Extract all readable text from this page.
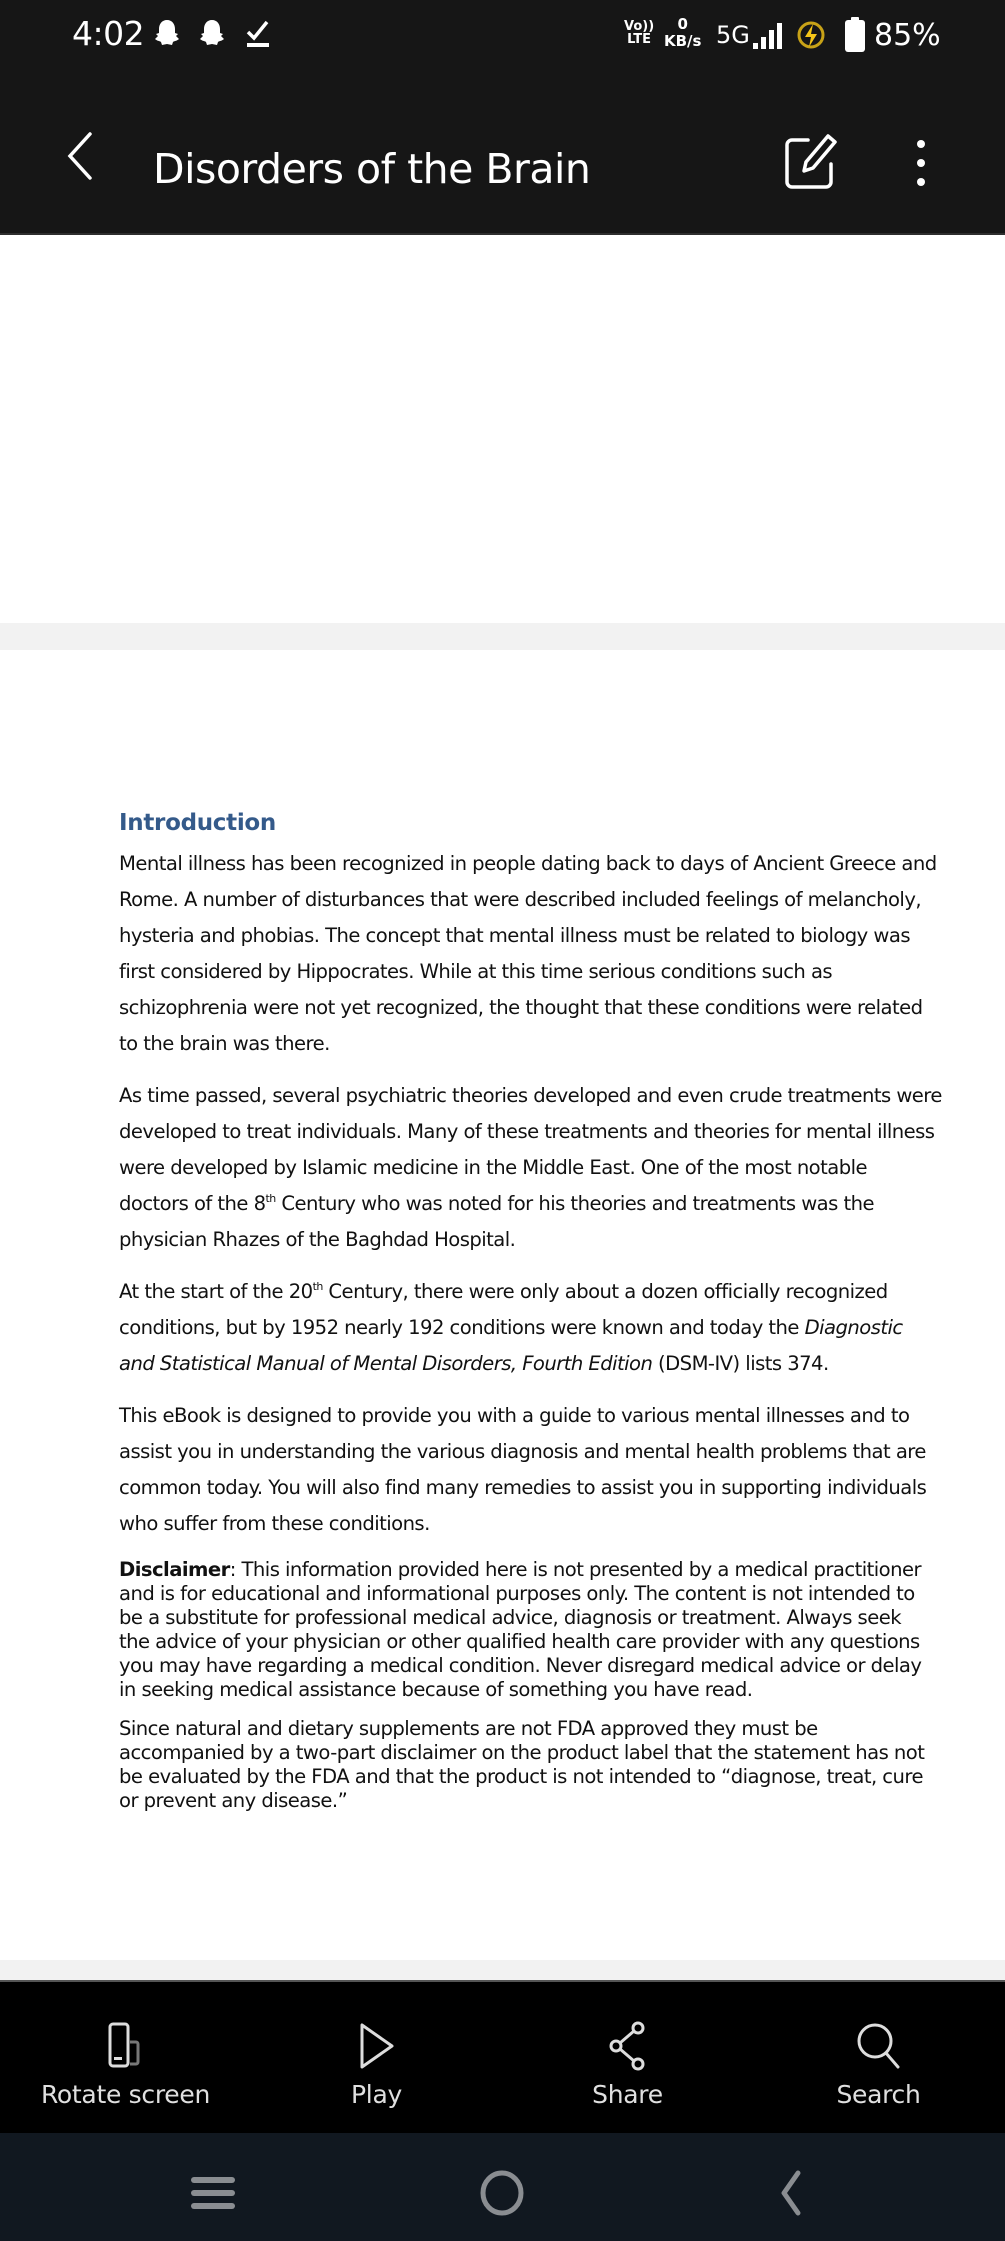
4:02	Vo))
LTE
0
KB/s 5G	85%
Disorders of the Brain
Introduction
Mental illness has been recognized in people dating back to days of Ancient Greece and
Rome. A number of disturbances that were described included feelings of melancholy,
hysteria and phobias. The concept that mental illness must be related to biology was
first considered by Hippocrates. While at this time serious conditions such as
schizophrenia were not yet recognized, the thought that these conditions were related
to the brain was there.
As time passed, several psychiatric theories developed and even crude treatments were
developed to treat individuals. Many of these treatments and theories for mental illness
were developed by Islamic medicine in the Middle East. One of the most notable
doctors of the 8th Century who was noted for his theories and treatments was the
physician Rhazes of the Baghdad Hospital.
At the start of the 20th Century, there were only about a dozen officially recognized
conditions, but by 1952 nearly 192 conditions were known and today the Diagnostic
and Statistical Manual of Mental Disorders, Fourth Edition (DSM-IV) lists 374.
This eBook is designed to provide you with a guide to various mental illnesses and to
assist you in understanding the various diagnosis and mental health problems that are
common today. You will also find many remedies to assist you in supporting individuals
who suffer from these conditions.
Disclaimer: This information provided here is not presented by a medical practitioner
and is for educational and informational purposes only. The content is not intended to
be a substitute for professional medical advice, diagnosis or treatment. Always seek
the advice of your physician or other qualified health care provider with any questions
you may have regarding a medical condition. Never disregard medical advice or delay
in seeking medical assistance because of something you have read.
Since natural and dietary supplements are not FDA approved they must be
accompanied by a two-part disclaimer on the product label that the statement has not
be evaluated by the FDA and that the product is not intended to “diagnose, treat, cure
or prevent any disease.”
Rotate screen	Play	Share	Search
